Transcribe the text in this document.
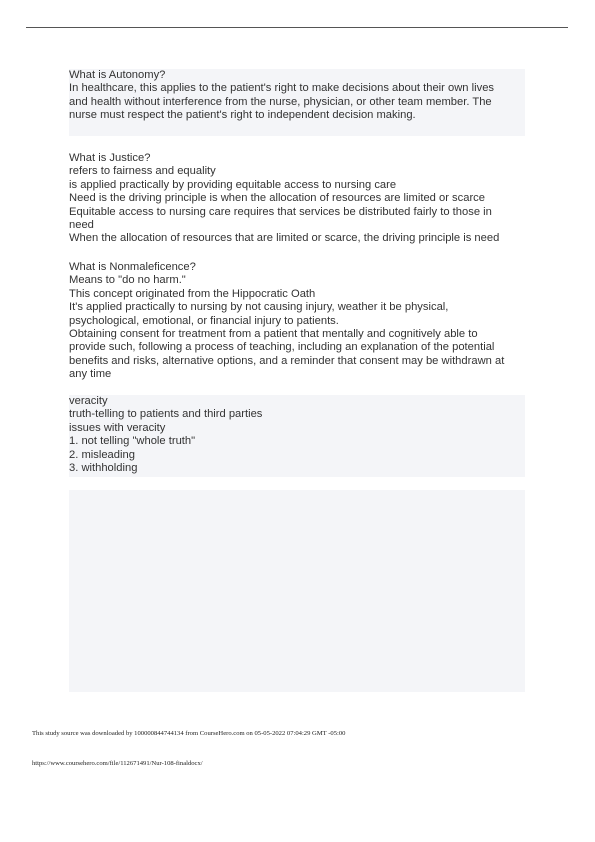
What is Autonomy?
In healthcare, this applies to the patient's right to make decisions about their own lives
and health without interference from the nurse, physician, or other team member. The
nurse must respect the patient's right to independent decision making.
What is Justice?
refers to fairness and equality
is applied practically by providing equitable access to nursing care
Need is the driving principle is when the allocation of resources are limited or scarce
Equitable access to nursing care requires that services be distributed fairly to those in
need
When the allocation of resources that are limited or scarce, the driving principle is need
What is Nonmaleficence?
Means to "do no harm."
This concept originated from the Hippocratic Oath
It's applied practically to nursing by not causing injury, weather it be physical,
psychological, emotional, or financial injury to patients.
Obtaining consent for treatment from a patient that mentally and cognitively able to
provide such, following a process of teaching, including an explanation of the potential
benefits and risks, alternative options, and a reminder that consent may be withdrawn at
any time
veracity
truth-telling to patients and third parties
issues with veracity
1. not telling "whole truth"
2. misleading
3. withholding
This study source was downloaded by 100000844744134 from CourseHero.com on 05-05-2022 07:04:29 GMT -05:00
https://www.coursehero.com/file/112671491/Nur-108-finaldocx/
